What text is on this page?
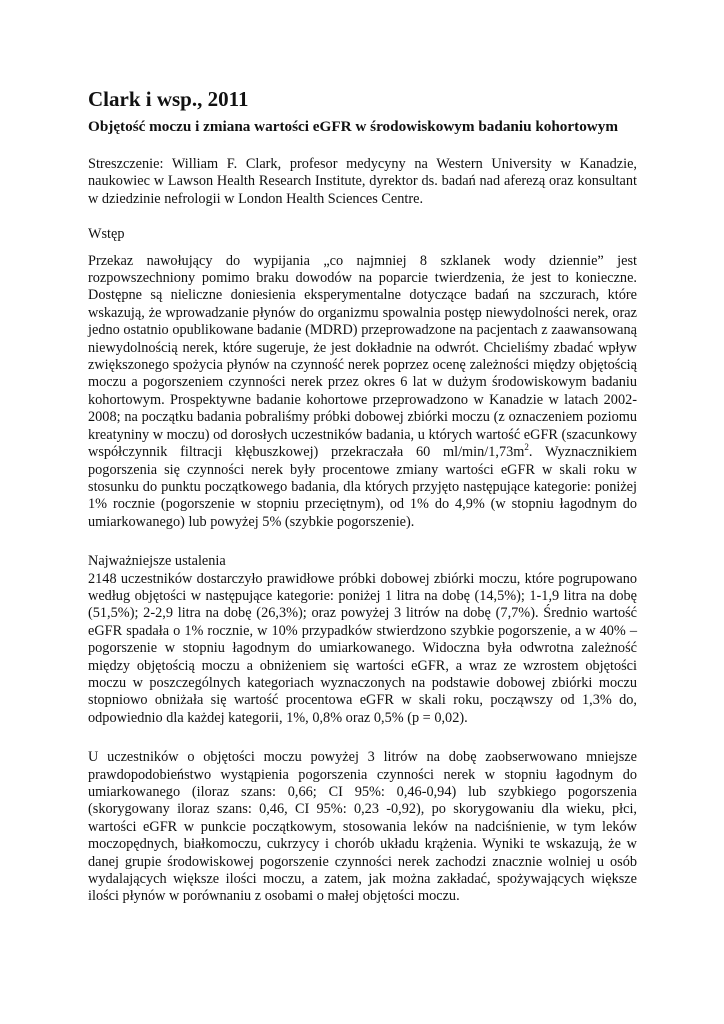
Clark i wsp., 2011
Objętość moczu i zmiana wartości eGFR w środowiskowym badaniu kohortowym

Streszczenie: William F. Clark, profesor medycyny na Western University w Kanadzie, naukowiec w Lawson Health Research Institute, dyrektor ds. badań nad aferezą oraz konsultant w dziedzinie nefrologii w London Health Sciences Centre.

Wstęp

Przekaz nawołujący do wypijania „co najmniej 8 szklanek wody dziennie” jest rozpowszechniony pomimo braku dowodów na poparcie twierdzenia, że jest to konieczne. Dostępne są nieliczne doniesienia eksperymentalne dotyczące badań na szczurach, które wskazują, że wprowadzanie płynów do organizmu spowalnia postęp niewydolności nerek, oraz jedno ostatnio opublikowane badanie (MDRD) przeprowadzone na pacjentach z zaawansowaną niewydolnością nerek, które sugeruje, że jest dokładnie na odwrót. Chcieliśmy zbadać wpływ zwiększonego spożycia płynów na czynność nerek poprzez ocenę zależności między objętością moczu a pogorszeniem czynności nerek przez okres 6 lat w dużym środowiskowym badaniu kohortowym. Prospektywne badanie kohortowe przeprowadzono w Kanadzie w latach 2002-2008; na początku badania pobraliśmy próbki dobowej zbiórki moczu (z oznaczeniem poziomu kreatyniny w moczu) od dorosłych uczestników badania, u których wartość eGFR (szacunkowy współczynnik filtracji kłębuszkowej) przekraczała 60 $ml/\min/1,73m^2$. Wyznacznikiem pogorszenia się czynności nerek były procentowe zmiany wartości eGFR w skali roku w stosunku do punktu początkowego badania, dla których przyjęto następujące kategorie: poniżej 1% rocznie (pogorszenie w stopniu przeciętnym), od 1% do 4,9% (w stopniu łagodnym do umiarkowanego) lub powyżej 5% (szybkie pogorszenie).

Najważniejsze ustalenia

2148 uczestników dostarczyło prawidłowe próbki dobowej zbiórki moczu, które pogrupowano według objętości w następujące kategorie: poniżej 1 litra na dobę (14,5%); 1-1,9 litra na dobę (51,5%); 2-2,9 litra na dobę (26,3%); oraz powyżej 3 litrów na dobę (7,7%). Średnio wartość eGFR spadała o 1% rocznie, w 10% przypadków stwierdzono szybkie pogorszenie, a w 40% – pogorszenie w stopniu łagodnym do umiarkowanego. Widoczna była odwrotna zależność między objętością moczu a obniżeniem się wartości eGFR, a wraz ze wzrostem objętości moczu w poszczególnych kategoriach wyznaczonych na podstawie dobowej zbiórki moczu stopniowo obniżała się wartość procentowa eGFR w skali roku, począwszy od 1,3% do, odpowiednio dla każdej kategorii, 1%, 0,8% oraz 0,5% (p = 0,02).

U uczestników o objętości moczu powyżej 3 litrów na dobę zaobserwowano mniejsze prawdopodobieństwo wystąpienia pogorszenia czynności nerek w stopniu łagodnym do umiarkowanego (iloraz szans: 0,66; CI 95%: 0,46-0,94) lub szybkiego pogorszenia (skorygowany iloraz szans: 0,46, CI 95%: 0,23 -0,92), po skorygowaniu dla wieku, płci, wartości eGFR w punkcie początkowym, stosowania leków na nadciśnienie, w tym leków moczopędnych, białkomoczu, cukrzycy i chorób układu krążenia. Wyniki te wskazują, że w danej grupie środowiskowej pogorszenie czynności nerek zachodzi znacznie wolniej u osób wydalających większe ilości moczu, a zatem, jak można zakładać, spożywających większe ilości płynów w porównaniu z osobami o małej objętości moczu.
